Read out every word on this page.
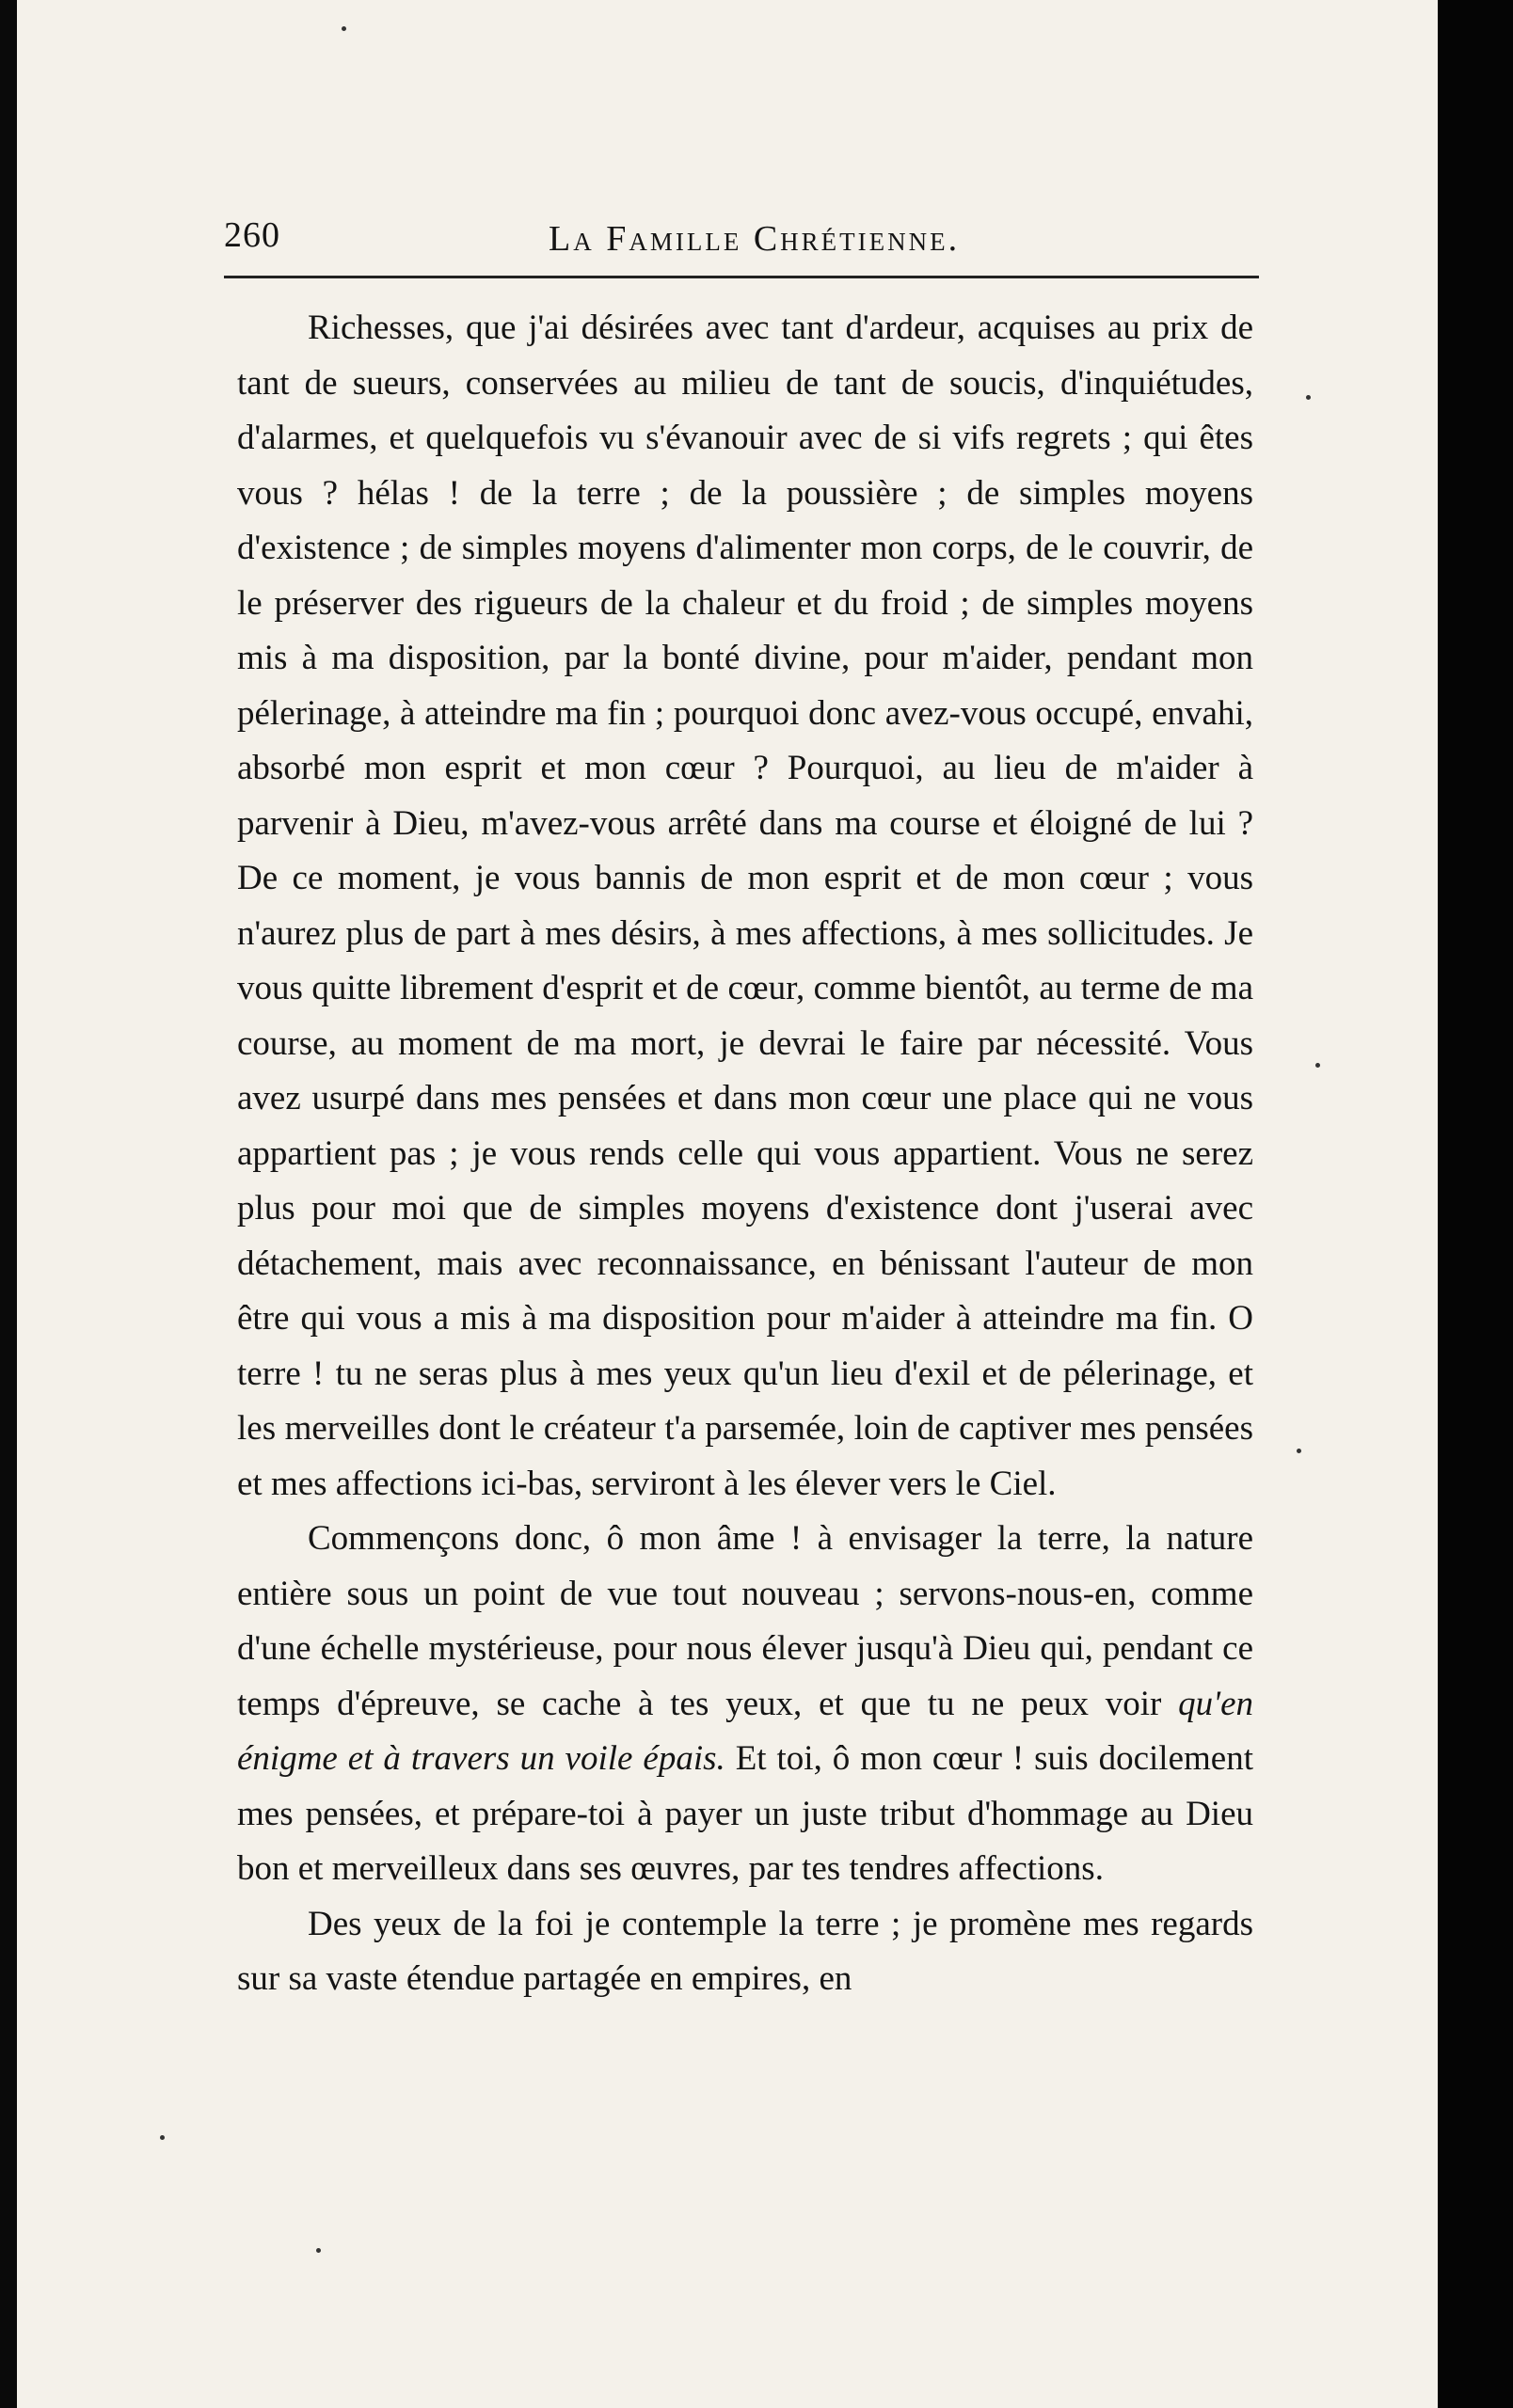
260	La Famille Chrétienne.

Richesses, que j'ai désirées avec tant d'ardeur, acquises au prix de tant de sueurs, conservées au milieu de tant de soucis, d'inquiétudes, d'alarmes, et quelquefois vu s'évanouir avec de si vifs regrets ; qui êtes vous ? hélas ! de la terre ; de la poussière ; de simples moyens d'existence ; de simples moyens d'alimenter mon corps, de le couvrir, de le préserver des rigueurs de la chaleur et du froid ; de simples moyens mis à ma disposition, par la bonté divine, pour m'aider, pendant mon pélerinage, à atteindre ma fin ; pourquoi donc avez-vous occupé, envahi, absorbé mon esprit et mon cœur ? Pourquoi, au lieu de m'aider à parvenir à Dieu, m'avez-vous arrêté dans ma course et éloigné de lui ? De ce moment, je vous bannis de mon esprit et de mon cœur ; vous n'aurez plus de part à mes désirs, à mes affections, à mes sollicitudes. Je vous quitte librement d'esprit et de cœur, comme bientôt, au terme de ma course, au moment de ma mort, je devrai le faire par nécessité. Vous avez usurpé dans mes pensées et dans mon cœur une place qui ne vous appartient pas ; je vous rends celle qui vous appartient. Vous ne serez plus pour moi que de simples moyens d'existence dont j'userai avec détachement, mais avec reconnaissance, en bénissant l'auteur de mon être qui vous a mis à ma disposition pour m'aider à atteindre ma fin. O terre ! tu ne seras plus à mes yeux qu'un lieu d'exil et de pélerinage, et les merveilles dont le créateur t'a parsemée, loin de captiver mes pensées et mes affections ici-bas, serviront à les élever vers le Ciel.

Commençons donc, ô mon âme ! à envisager la terre, la nature entière sous un point de vue tout nouveau ; servons-nous-en, comme d'une échelle mystérieuse, pour nous élever jusqu'à Dieu qui, pendant ce temps d'épreuve, se cache à tes yeux, et que tu ne peux voir qu'en énigme et à travers un voile épais. Et toi, ô mon cœur ! suis docilement mes pensées, et prépare-toi à payer un juste tribut d'hommage au Dieu bon et merveilleux dans ses œuvres, par tes tendres affections.

Des yeux de la foi je contemple la terre ; je promène mes regards sur sa vaste étendue partagée en empires, en
